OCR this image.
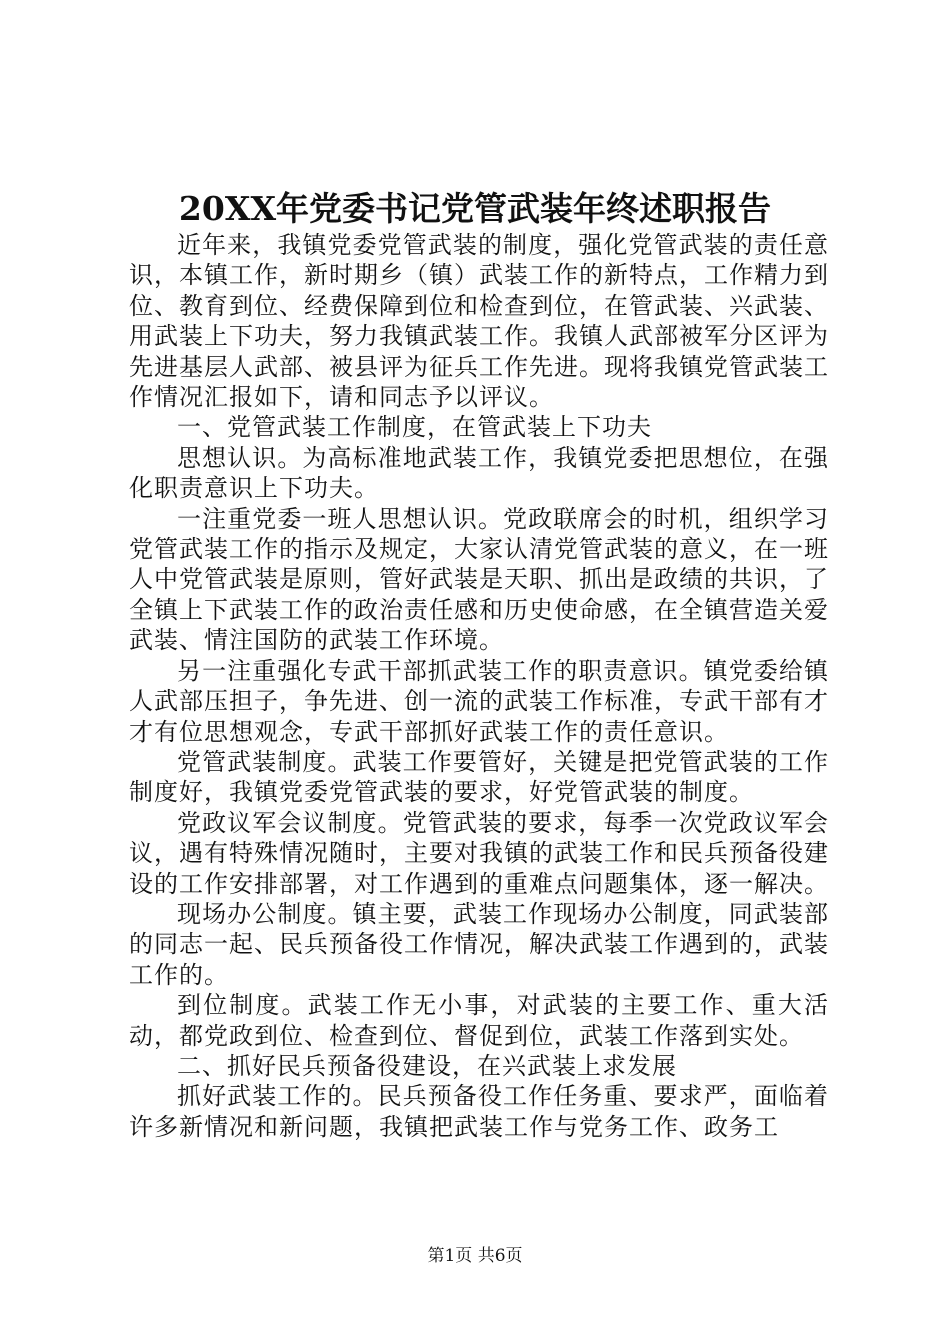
20XX年党委书记党管武装年终述职报告

近年来，我镇党委党管武装的制度，强化党管武装的责任意识，本镇工作，新时期乡（镇）武装工作的新特点，工作精力到位、教育到位、经费保障到位和检查到位，在管武装、兴武装、用武装上下功夫，努力我镇武装工作。我镇人武部被军分区评为先进基层人武部、被县评为征兵工作先进。现将我镇党管武装工作情况汇报如下，请和同志予以评议。

一、党管武装工作制度，在管武装上下功夫

思想认识。为高标准地武装工作，我镇党委把思想位，在强化职责意识上下功夫。

一注重党委一班人思想认识。党政联席会的时机，组织学习党管武装工作的指示及规定，大家认清党管武装的意义，在一班人中党管武装是原则，管好武装是天职、抓出是政绩的共识，了全镇上下武装工作的政治责任感和历史使命感，在全镇营造关爱武装、情注国防的武装工作环境。

另一注重强化专武干部抓武装工作的职责意识。镇党委给镇人武部压担子，争先进、创一流的武装工作标准，专武干部有才才有位思想观念，专武干部抓好武装工作的责任意识。

党管武装制度。武装工作要管好，关键是把党管武装的工作制度好，我镇党委党管武装的要求，好党管武装的制度。

党政议军会议制度。党管武装的要求，每季一次党政议军会议，遇有特殊情况随时，主要对我镇的武装工作和民兵预备役建设的工作安排部署，对工作遇到的重难点问题集体，逐一解决。

现场办公制度。镇主要，武装工作现场办公制度，同武装部的同志一起、民兵预备役工作情况，解决武装工作遇到的，武装工作的。

到位制度。武装工作无小事，对武装的主要工作、重大活动，都党政到位、检查到位、督促到位，武装工作落到实处。

二、抓好民兵预备役建设，在兴武装上求发展

抓好武装工作的。民兵预备役工作任务重、要求严，面临着许多新情况和新问题，我镇把武装工作与党务工作、政务工

第1页 共6页
